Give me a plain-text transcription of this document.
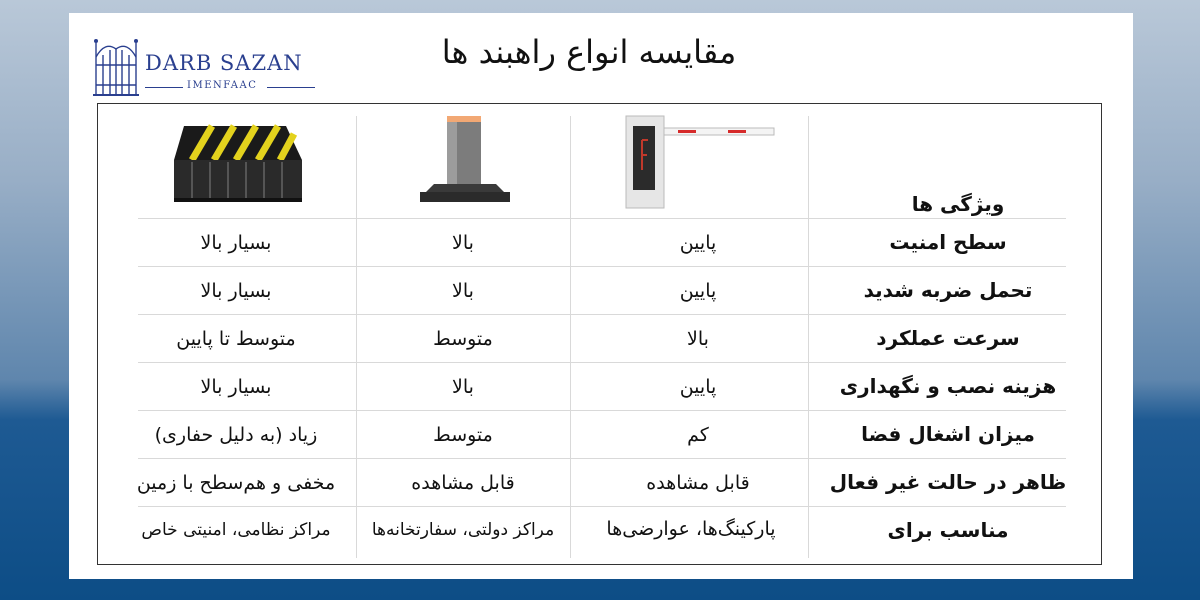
DARB SAZAN
IMENFAAC
مقایسه انواع راهبند ها
ویژگی ها
سطح امنیت
پایین
بالا
بسیار بالا
تحمل ضربه شدید
پایین
بالا
بسیار بالا
سرعت عملکرد
بالا
متوسط
متوسط تا پایین
هزینه نصب و نگهداری
پایین
بالا
بسیار بالا
میزان اشغال فضا
کم
متوسط
زیاد (به دلیل حفاری)
ظاهر در حالت غیر فعال
قابل مشاهده
قابل مشاهده
مخفی و هم‌سطح با زمین
مناسب برای
پارکینگ‌ها، عوارضی‌ها
مراکز دولتی، سفارتخانه‌ها
مراکز نظامی، امنیتی خاص
